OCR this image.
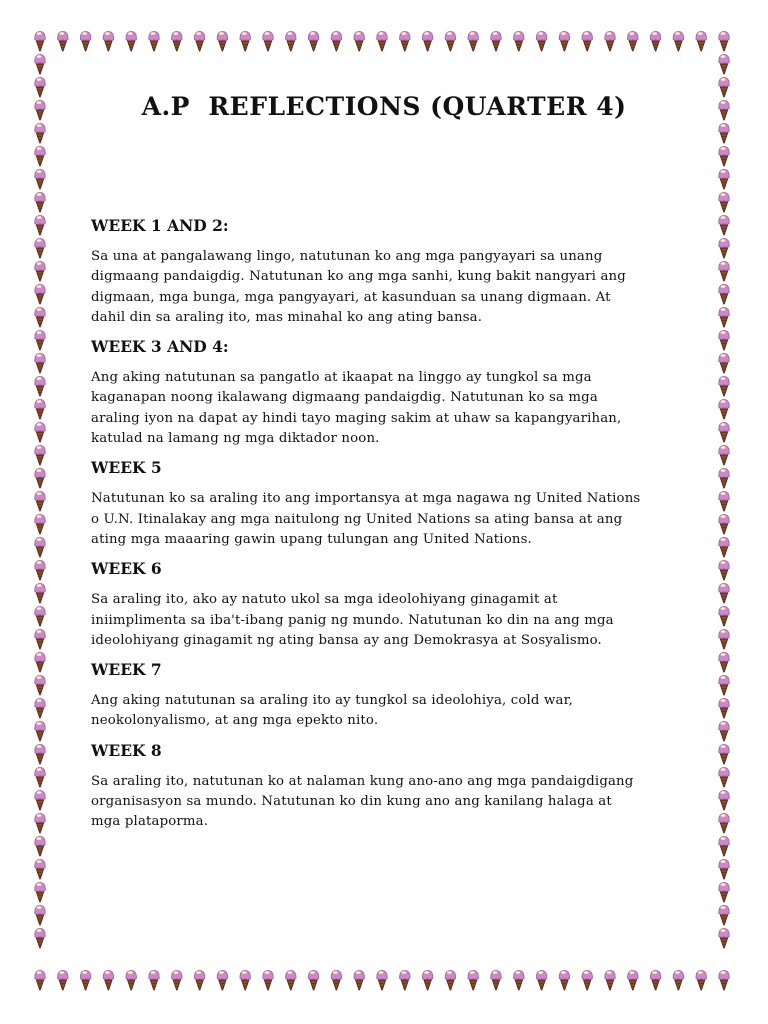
A.P  REFLECTIONS (QUARTER 4)
WEEK 1 AND 2:
Sa una at pangalawang lingo, natutunan ko ang mga pangyayari sa unang
digmaang pandaigdig. Natutunan ko ang mga sanhi, kung bakit nangyari ang
digmaan, mga bunga, mga pangyayari, at kasunduan sa unang digmaan. At
dahil din sa araling ito, mas minahal ko ang ating bansa.
WEEK 3 AND 4:
Ang aking natutunan sa pangatlo at ikaapat na linggo ay tungkol sa mga
kaganapan noong ikalawang digmaang pandaigdig. Natutunan ko sa mga
araling iyon na dapat ay hindi tayo maging sakim at uhaw sa kapangyarihan,
katulad na lamang ng mga diktador noon.
WEEK 5
Natutunan ko sa araling ito ang importansya at mga nagawa ng United Nations
o U.N. Itinalakay ang mga naitulong ng United Nations sa ating bansa at ang
ating mga maaaring gawin upang tulungan ang United Nations.
WEEK 6
Sa araling ito, ako ay natuto ukol sa mga ideolohiyang ginagamit at
iniimplimenta sa iba't-ibang panig ng mundo. Natutunan ko din na ang mga
ideolohiyang ginagamit ng ating bansa ay ang Demokrasya at Sosyalismo.
WEEK 7
Ang aking natutunan sa araling ito ay tungkol sa ideolohiya, cold war,
neokolonyalismo, at ang mga epekto nito.
WEEK 8
Sa araling ito, natutunan ko at nalaman kung ano-ano ang mga pandaigdigang
organisasyon sa mundo. Natutunan ko din kung ano ang kanilang halaga at
mga plataporma.
